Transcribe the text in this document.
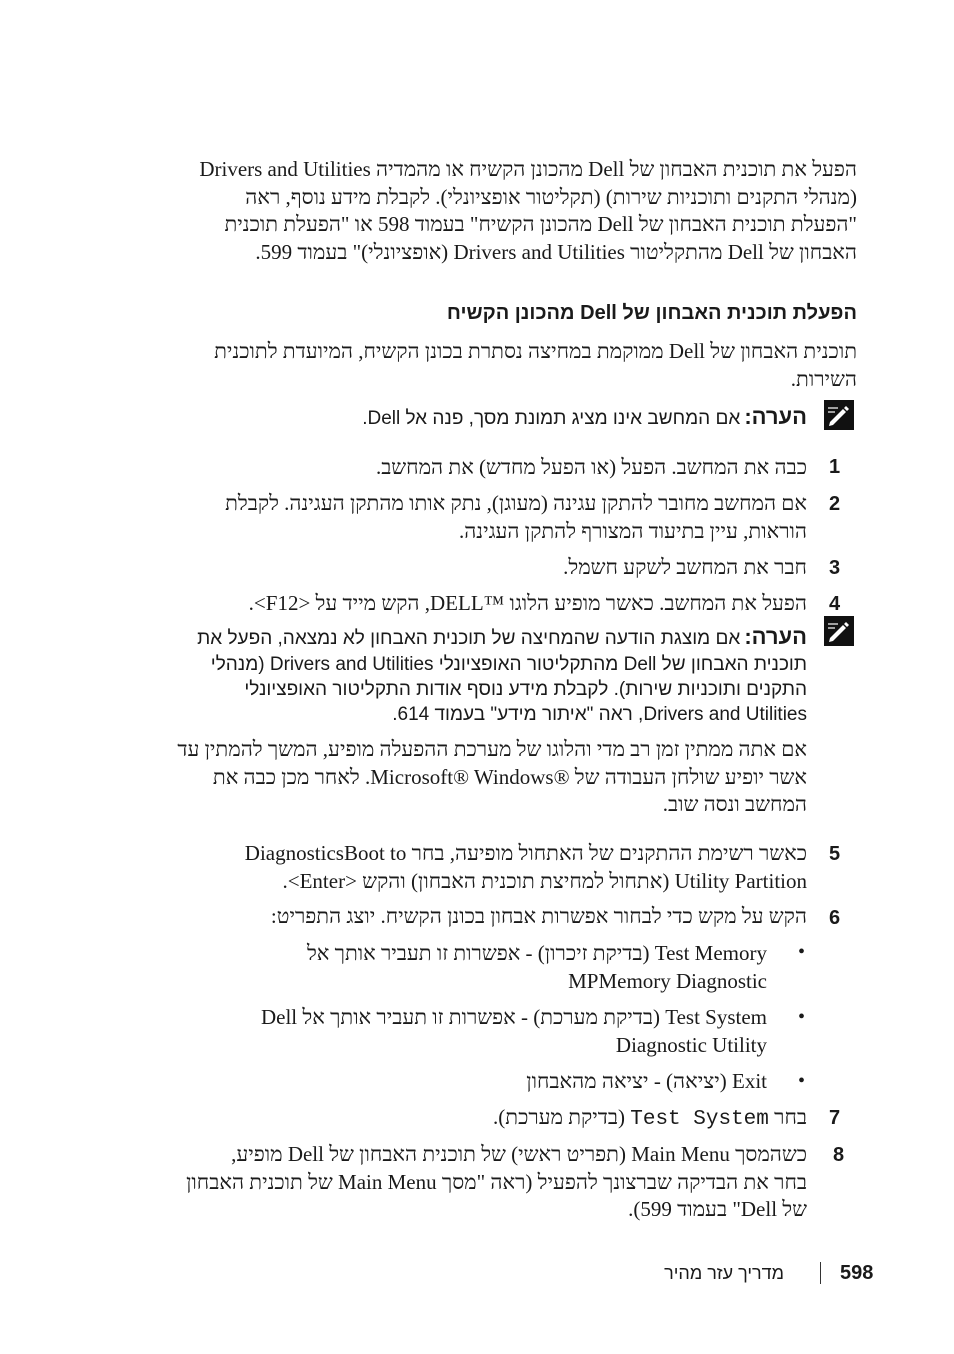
הפעל את תוכנית האבחון של Dell מהכונן הקשיח או מהמדיה Drivers and Utilities
(מנהלי התקנים ותוכניות שירות) (תקליטור אופציונלי). לקבלת מידע נוסף, ראה
"הפעלת תוכנית האבחון של Dell מהכונן הקשיח" בעמוד 598 או "הפעלת תוכנית
האבחון של Dell מהתקליטור Drivers and Utilities (אופציונלי)" בעמוד 599.
הפעלת תוכנית האבחון של Dell מהכונן הקשיח
תוכנית האבחון של Dell ממוקמת במחיצה נסתרת בכונן הקשיח, המיועדת לתוכנית
השירות.
הערה: אם המחשב אינו מציג תמונת מסך, פנה אל Dell.
1
כבה את המחשב. הפעל (או הפעל מחדש) את המחשב.
2
אם המחשב מחובר להתקן עגינה (מעוגן), נתק אותו מהתקן העגינה. לקבלת
הוראות, עיין בתיעוד המצורף להתקן העגינה.
3
חבר את המחשב לשקע חשמל.
4
הפעל את המחשב. כאשר מופיע הלוגו ™DELL, הקש מייד על <F12>.
הערה: אם מוצגת הודעה שהמחיצה של תוכנית האבחון לא נמצאה, הפעל את
תוכנית האבחון של Dell מהתקליטור האופציונלי Drivers and Utilities (מנהלי
התקנים ותוכניות שירות). לקבלת מידע נוסף אודות התקליטור האופציונלי
Drivers and Utilities, ראה "איתור מידע" בעמוד 614.
אם אתה ממתין זמן רב מדי והלוגו של מערכת ההפעלה מופיע, המשך להמתין עד
אשר יופיע שולחן העבודה של ®Microsoft® Windows. לאחר מכן כבה את
המחשב ונסה שוב.
5
כאשר רשימת ההתקנים של האתחול מופיעה, בחר DiagnosticsBoot to
Utility Partition (אתחול למחיצת תוכנית האבחון) והקש <Enter>.
6
הקש על מקש כדי לבחור אפשרות אבחון בכונן הקשיח. יוצג התפריט:
•
Test Memory (בדיקת זיכרון) - אפשרות זו תעביר אותך אל
MPMemory Diagnostic
•
Test System (בדיקת מערכת) - אפשרות זו תעביר אותך אל Dell
Diagnostic Utility
•
Exit (יציאה) - יציאה מהאבחון
7
בחר Test System (בדיקת מערכת).
8
כשהמסך Main Menu (תפריט ראשי) של תוכנית האבחון של Dell מופיע,
בחר את הבדיקה שברצונך להפעיל (ראה "מסך Main Menu של תוכנית האבחון
של Dell" בעמוד 599).
מדריך עזר מהיר	598
